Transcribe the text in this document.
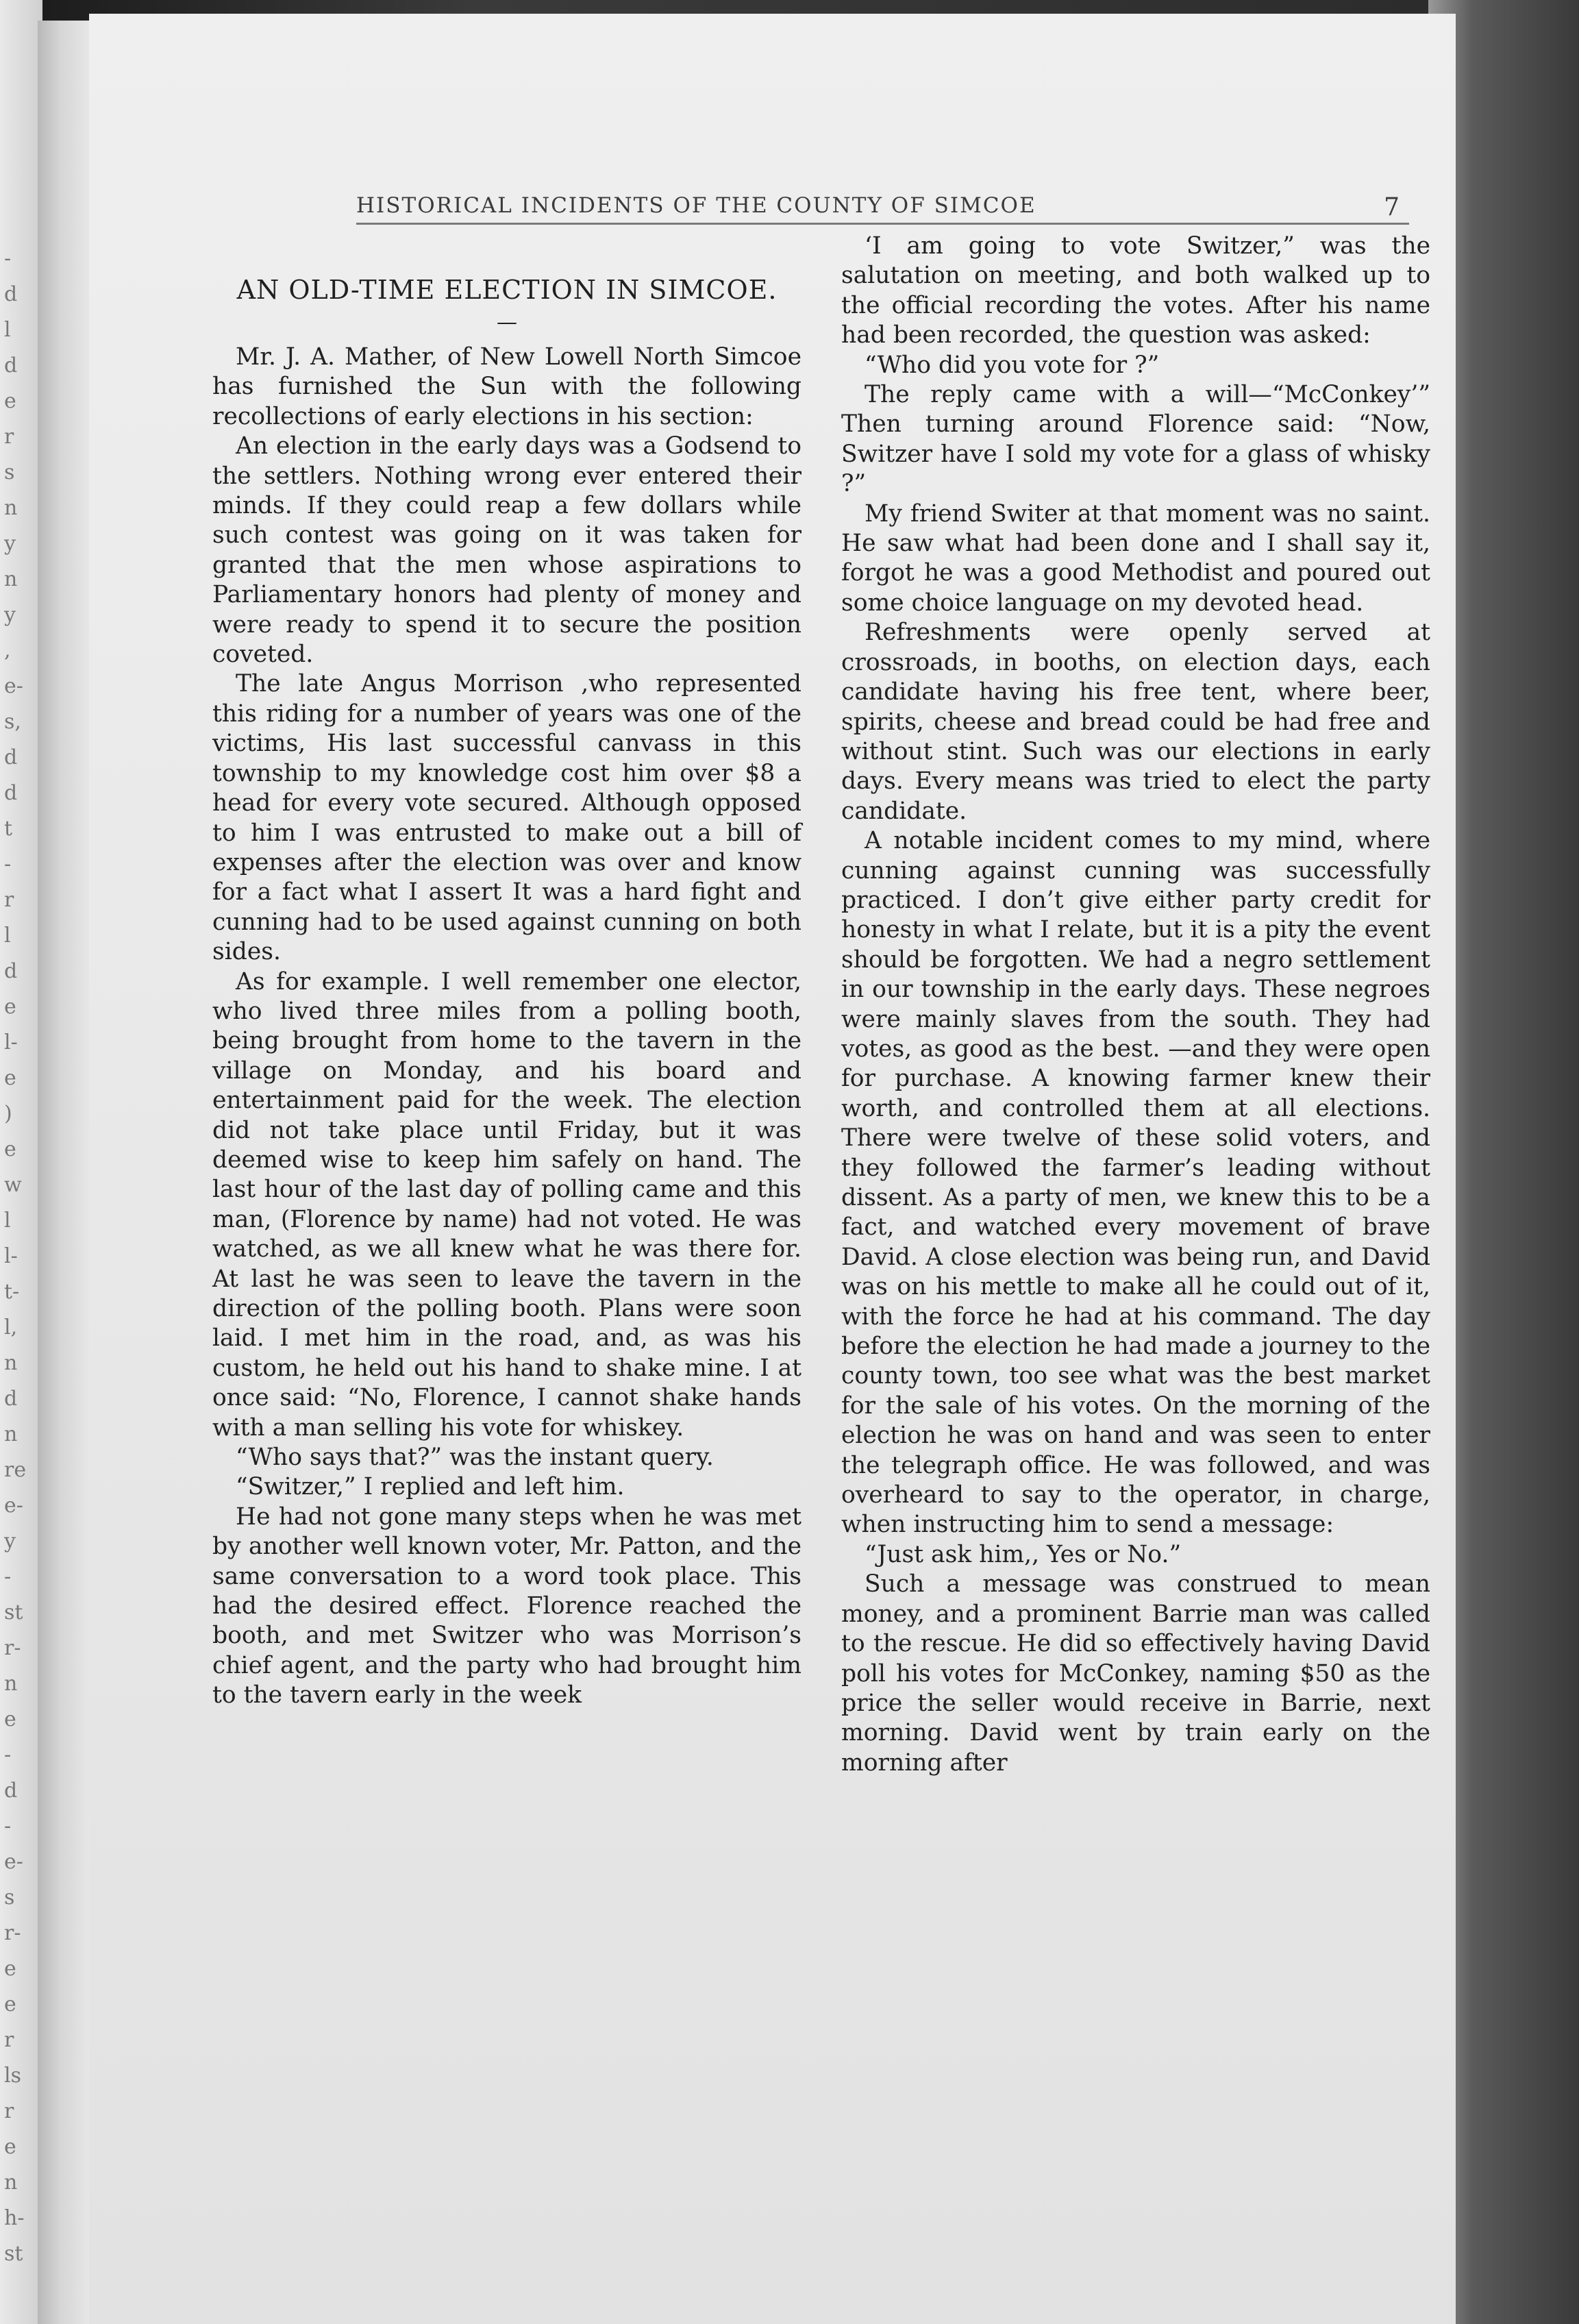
-
d
l
d
e
r
s
n
y
n
y
,
e-
s,
d
d
t
-
r
l
d
e
l-
e
)
e
w
l
l-
t-
l,
n
d
n
re
e-
y
-
st
r-
n
e
-
d
-
e-
s
r-
e
e
r
ls
r
e
n
h-
st
HISTORICAL INCIDENTS OF THE COUNTY OF SIMCOE	7
AN OLD-TIME ELECTION IN SIMCOE.
—

Mr. J. A. Mather, of New Lowell North Simcoe has furnished the Sun with the following recollections of early elections in his section:

An election in the early days was a Godsend to the settlers. Nothing wrong ever entered their minds. If they could reap a few dollars while such contest was going on it was taken for granted that the men whose aspirations to Parliamentary honors had plenty of money and were ready to spend it to secure the position coveted.

The late Angus Morrison ,who represented this riding for a number of years was one of the victims, His last successful canvass in this township to my knowledge cost him over $8 a head for every vote secured. Although opposed to him I was entrusted to make out a bill of expenses after the election was over and know for a fact what I assert It was a hard fight and cunning had to be used against cunning on both sides.

As for example. I well remember one elector, who lived three miles from a polling booth, being brought from home to the tavern in the village on Monday, and his board and entertainment paid for the week. The election did not take place until Friday, but it was deemed wise to keep him safely on hand. The last hour of the last day of polling came and this man, (Florence by name) had not voted. He was watched, as we all knew what he was there for. At last he was seen to leave the tavern in the direction of the polling booth. Plans were soon laid. I met him in the road, and, as was his custom, he held out his hand to shake mine. I at once said: “No, Florence, I cannot shake hands with a man selling his vote for whiskey.

“Who says that?” was the instant query.

“Switzer,” I replied and left him.

He had not gone many steps when he was met by another well known voter, Mr. Patton, and the same conversation to a word took place. This had the desired effect. Florence reached the booth, and met Switzer who was Morrison’s chief agent, and the party who had brought him to the tavern early in the week

‘I am going to vote Switzer,” was the salutation on meeting, and both walked up to the official recording the votes. After his name had been recorded, the question was asked:

“Who did you vote for ?”

The reply came with a will—“McConkey’” Then turning around Florence said: “Now, Switzer have I sold my vote for a glass of whisky ?”

My friend Switer at that moment was no saint. He saw what had been done and I shall say it, forgot he was a good Methodist and poured out some choice language on my devoted head.

Refreshments were openly served at crossroads, in booths, on election days, each candidate having his free tent, where beer, spirits, cheese and bread could be had free and without stint. Such was our elections in early days. Every means was tried to elect the party candidate.

A notable incident comes to my mind, where cunning against cunning was successfully practiced. I don’t give either party credit for honesty in what I relate, but it is a pity the event should be forgotten. We had a negro settlement in our township in the early days. These negroes were mainly slaves from the south. They had votes, as good as the best. —and they were open for purchase. A knowing farmer knew their worth, and controlled them at all elections. There were twelve of these solid voters, and they followed the farmer’s leading without dissent. As a party of men, we knew this to be a fact, and watched every movement of brave David. A close election was being run, and David was on his mettle to make all he could out of it, with the force he had at his command. The day before the election he had made a journey to the county town, too see what was the best market for the sale of his votes. On the morning of the election he was on hand and was seen to enter the telegraph office. He was followed, and was overheard to say to the operator, in charge, when instructing him to send a message:

“Just ask him,, Yes or No.”

Such a message was construed to mean money, and a prominent Barrie man was called to the rescue. He did so effectively having David poll his votes for McConkey, naming $50 as the price the seller would receive in Barrie, next morning. David went by train early on the morning after
